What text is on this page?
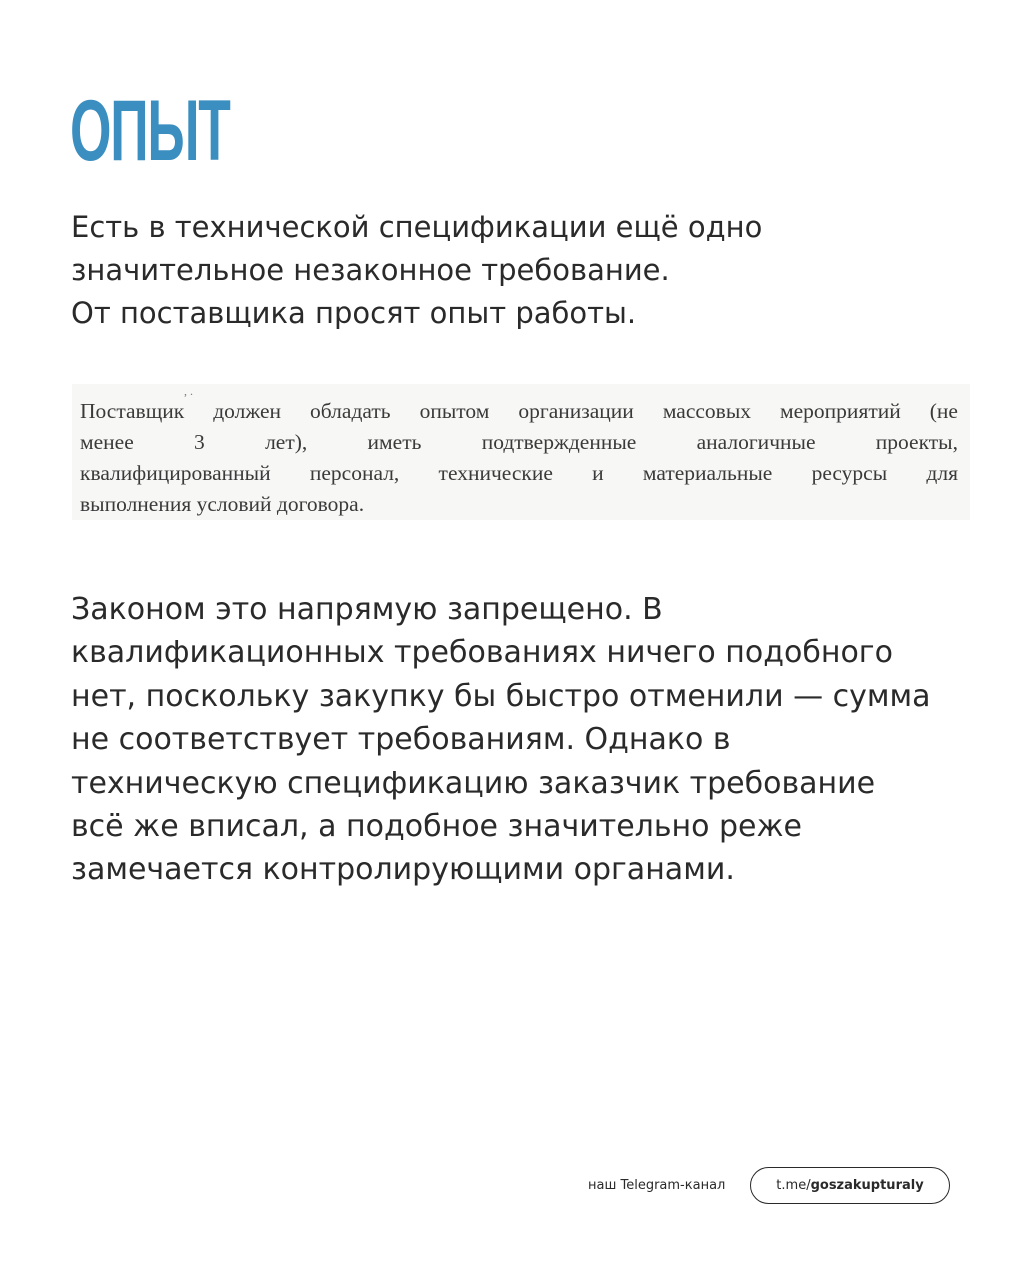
ОПЫТ

Есть в технической спецификации ещё одно
значительное незаконное требование.
От поставщика просят опыт работы.

, .
Поставщик должен обладать опытом организации массовых мероприятий (не
менее	3	лет),	иметь	подтвержденные	аналогичные	проекты,
квалифицированный персонал, технические и материальные ресурсы для
выполнения условий договора.

Законом это напрямую запрещено. В
квалификационных требованиях ничего подобного
нет, поскольку закупку бы быстро отменили — сумма
не соответствует требованиям. Однако в
техническую спецификацию заказчик требование
всё же вписал, а подобное значительно реже
замечается контролирующими органами.

наш Telegram-канал	t.me/ goszakupturaly
